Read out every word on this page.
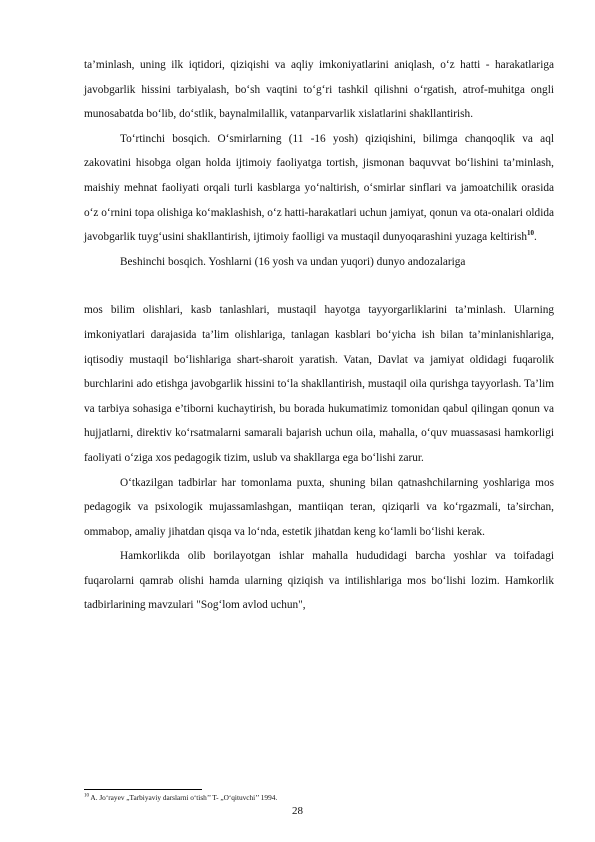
ta’minlash, uning ilk iqtidori, qiziqishi va aqliy imkoniyatlarini aniqlash, o‘z hatti - harakatlariga javobgarlik hissini tarbiyalash, bo‘sh vaqtini to‘g‘ri tashkil qilishni o‘rgatish, atrof-muhitga ongli munosabatda bo‘lib, do‘stlik, baynalmilallik, vatanparvarlik xislatlarini shakllantirish.

To‘rtinchi bosqich. O‘smirlarning (11 -16 yosh) qiziqishini, bilimga chanqoqlik va aql zakovatini hisobga olgan holda ijtimoiy faoliyatga tortish, jismonan baquvvat bo‘lishini ta’minlash, maishiy mehnat faoliyati orqali turli kasblarga yo‘naltirish, o‘smirlar sinflari va jamoatchilik orasida o‘z o‘rnini topa olishiga ko‘maklashish, o‘z hatti-harakatlari uchun jamiyat, qonun va ota-onalari oldida javobgarlik tuyg‘usini shakllantirish, ijtimoiy faolligi va mustaqil dunyoqarashini yuzaga keltirish$^{10}$.

Beshinchi bosqich. Yoshlarni (16 yosh va undan yuqori) dunyo andozalariga

mos bilim olishlari, kasb tanlashlari, mustaqil hayotga tayyorgarliklarini ta’minlash. Ularning imkoniyatlari darajasida ta’lim olishlariga, tanlagan kasblari bo‘yicha ish bilan ta’minlanishlariga, iqtisodiy mustaqil bo‘lishlariga shart-sharoit yaratish. Vatan, Davlat va jamiyat oldidagi fuqarolik burchlarini ado etishga javobgarlik hissini to‘la shakllantirish, mustaqil oila qurishga tayyorlash. Ta’lim va tarbiya sohasiga e’tiborni kuchaytirish, bu borada hukumatimiz tomonidan qabul qilingan qonun va hujjatlarni, direktiv ko‘rsatmalarni samarali bajarish uchun oila, mahalla, o‘quv muassasasi hamkorligi faoliyati o‘ziga xos pedagogik tizim, uslub va shakllarga ega bo‘lishi zarur.

O‘tkazilgan tadbirlar har tomonlama puxta, shuning bilan qatnashchilarning yoshlariga mos pedagogik va psixologik mujassamlashgan, mantiiqan teran, qiziqarli va ko‘rgazmali, ta’sirchan, ommabop, amaliy jihatdan qisqa va lo‘nda, estetik jihatdan keng ko‘lamli bo‘lishi kerak.

Hamkorlikda olib borilayotgan ishlar mahalla hududidagi barcha yoshlar va toifadagi fuqarolarni qamrab olishi hamda ularning qiziqish va intilishlariga mos bo‘lishi lozim. Hamkorlik tadbirlarining mavzulari "Sog‘lom avlod uchun",

$^{10}$ A. Jo‘rayev „Tarbiyaviy darslarni o‘tish’’ T- „O‘qituvchi’’ 1994.
28
